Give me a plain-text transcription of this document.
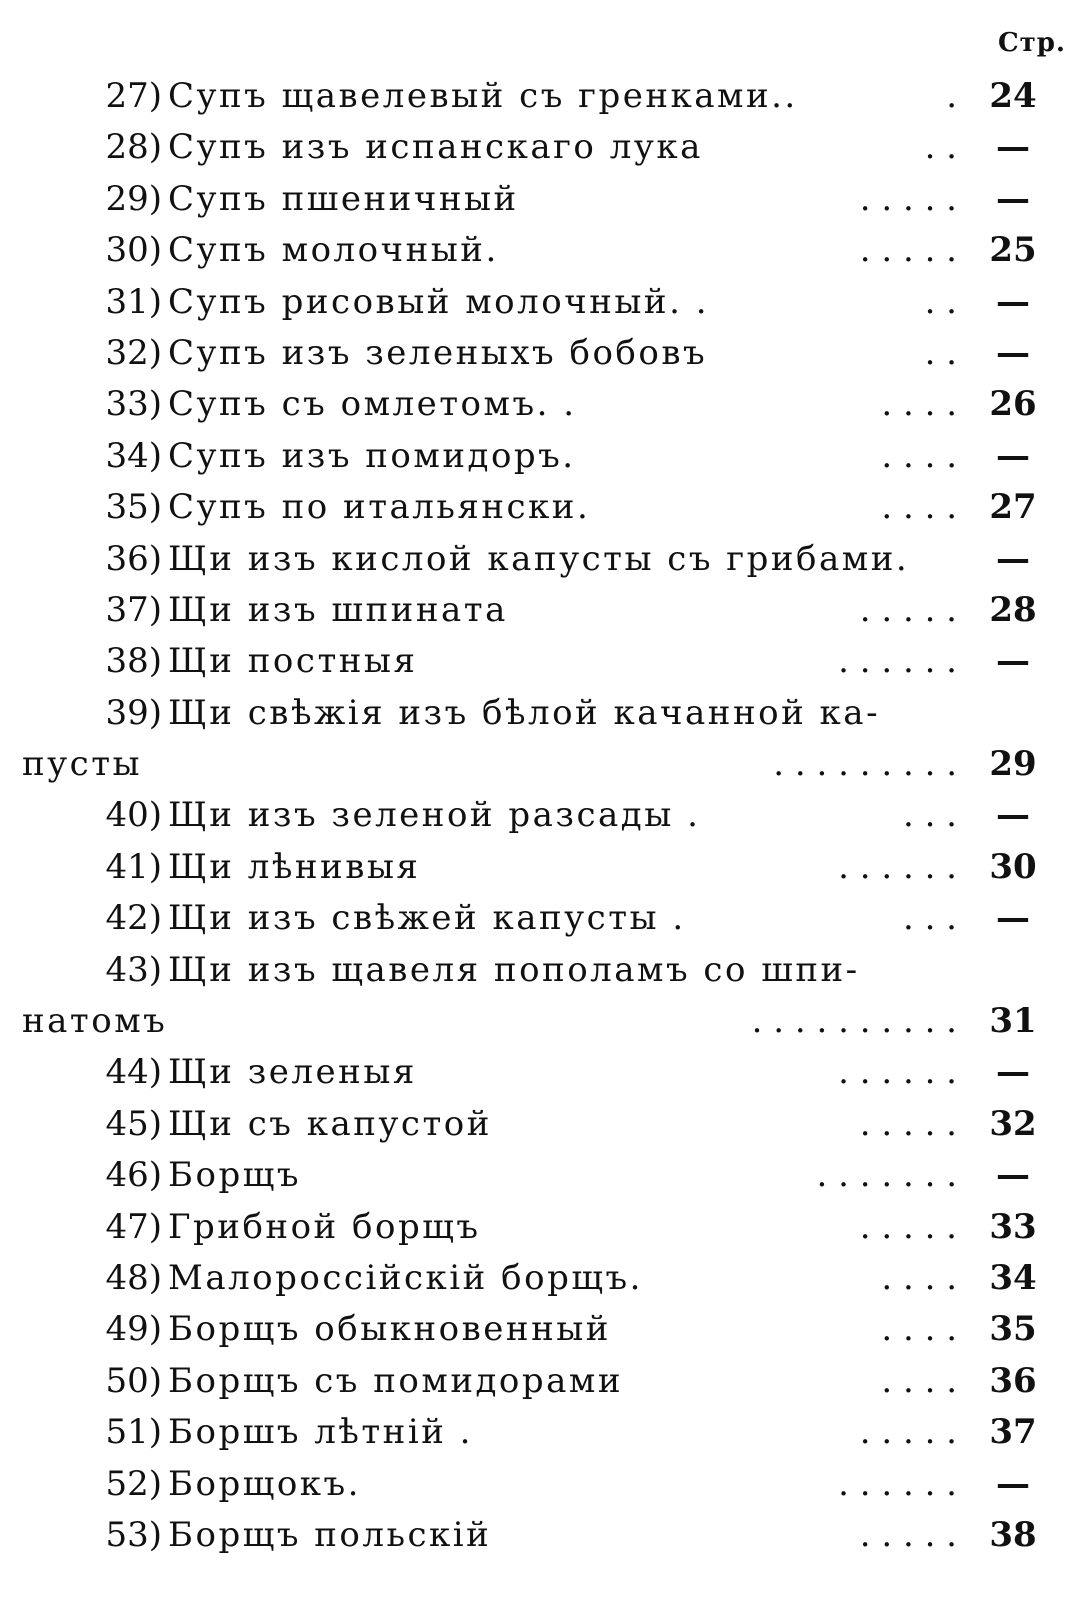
Стр.
27) Супъ щавелевый съ гренками..	. 24
28) Супъ изъ испанскаго лука	. .	—
29) Супъ пшеничный	. . . . .	—
30) Супъ молочный.	. . . . . 25
31) Супъ рисовый молочный. .	. .	—
32) Супъ изъ зеленыхъ бобовъ	. .	—
33) Супъ съ омлетомъ. .	. . . . 26
34) Супъ изъ помидоръ.	. . . .	—
35) Супъ по итальянски.	. . . . 27
36) Щи изъ кислой капусты съ грибами.	—
37) Щи изъ шпината	. . . . . 28
38) Щи постныя	. . . . . .	—
39) Щи свѣжія изъ бѣлой качанной ка-
пусты	. . . . . . . . . 29
40) Щи изъ зеленой разсады .	. . .	—
41) Щи лѣнивыя	. . . . . . 30
42) Щи изъ свѣжей капусты .	. . .	—
43) Щи изъ щавеля пополамъ со шпи-
натомъ	. . . . . . . . . . 31
44) Щи зеленыя	. . . . . .	—
45) Щи съ капустой	. . . . . 32
46) Борщъ	. . . . . . .	—
47) Грибной борщъ	. . . . . 33
48) Малороссійскій борщъ.	. . . . 34
49) Борщъ обыкновенный	. . . . 35
50) Борщъ съ помидорами	. . . . 36
51) Боршъ лѣтній .	. . . . . 37
52) Борщокъ.	. . . . . .	—
53) Борщъ польскій	. . . . . 38
